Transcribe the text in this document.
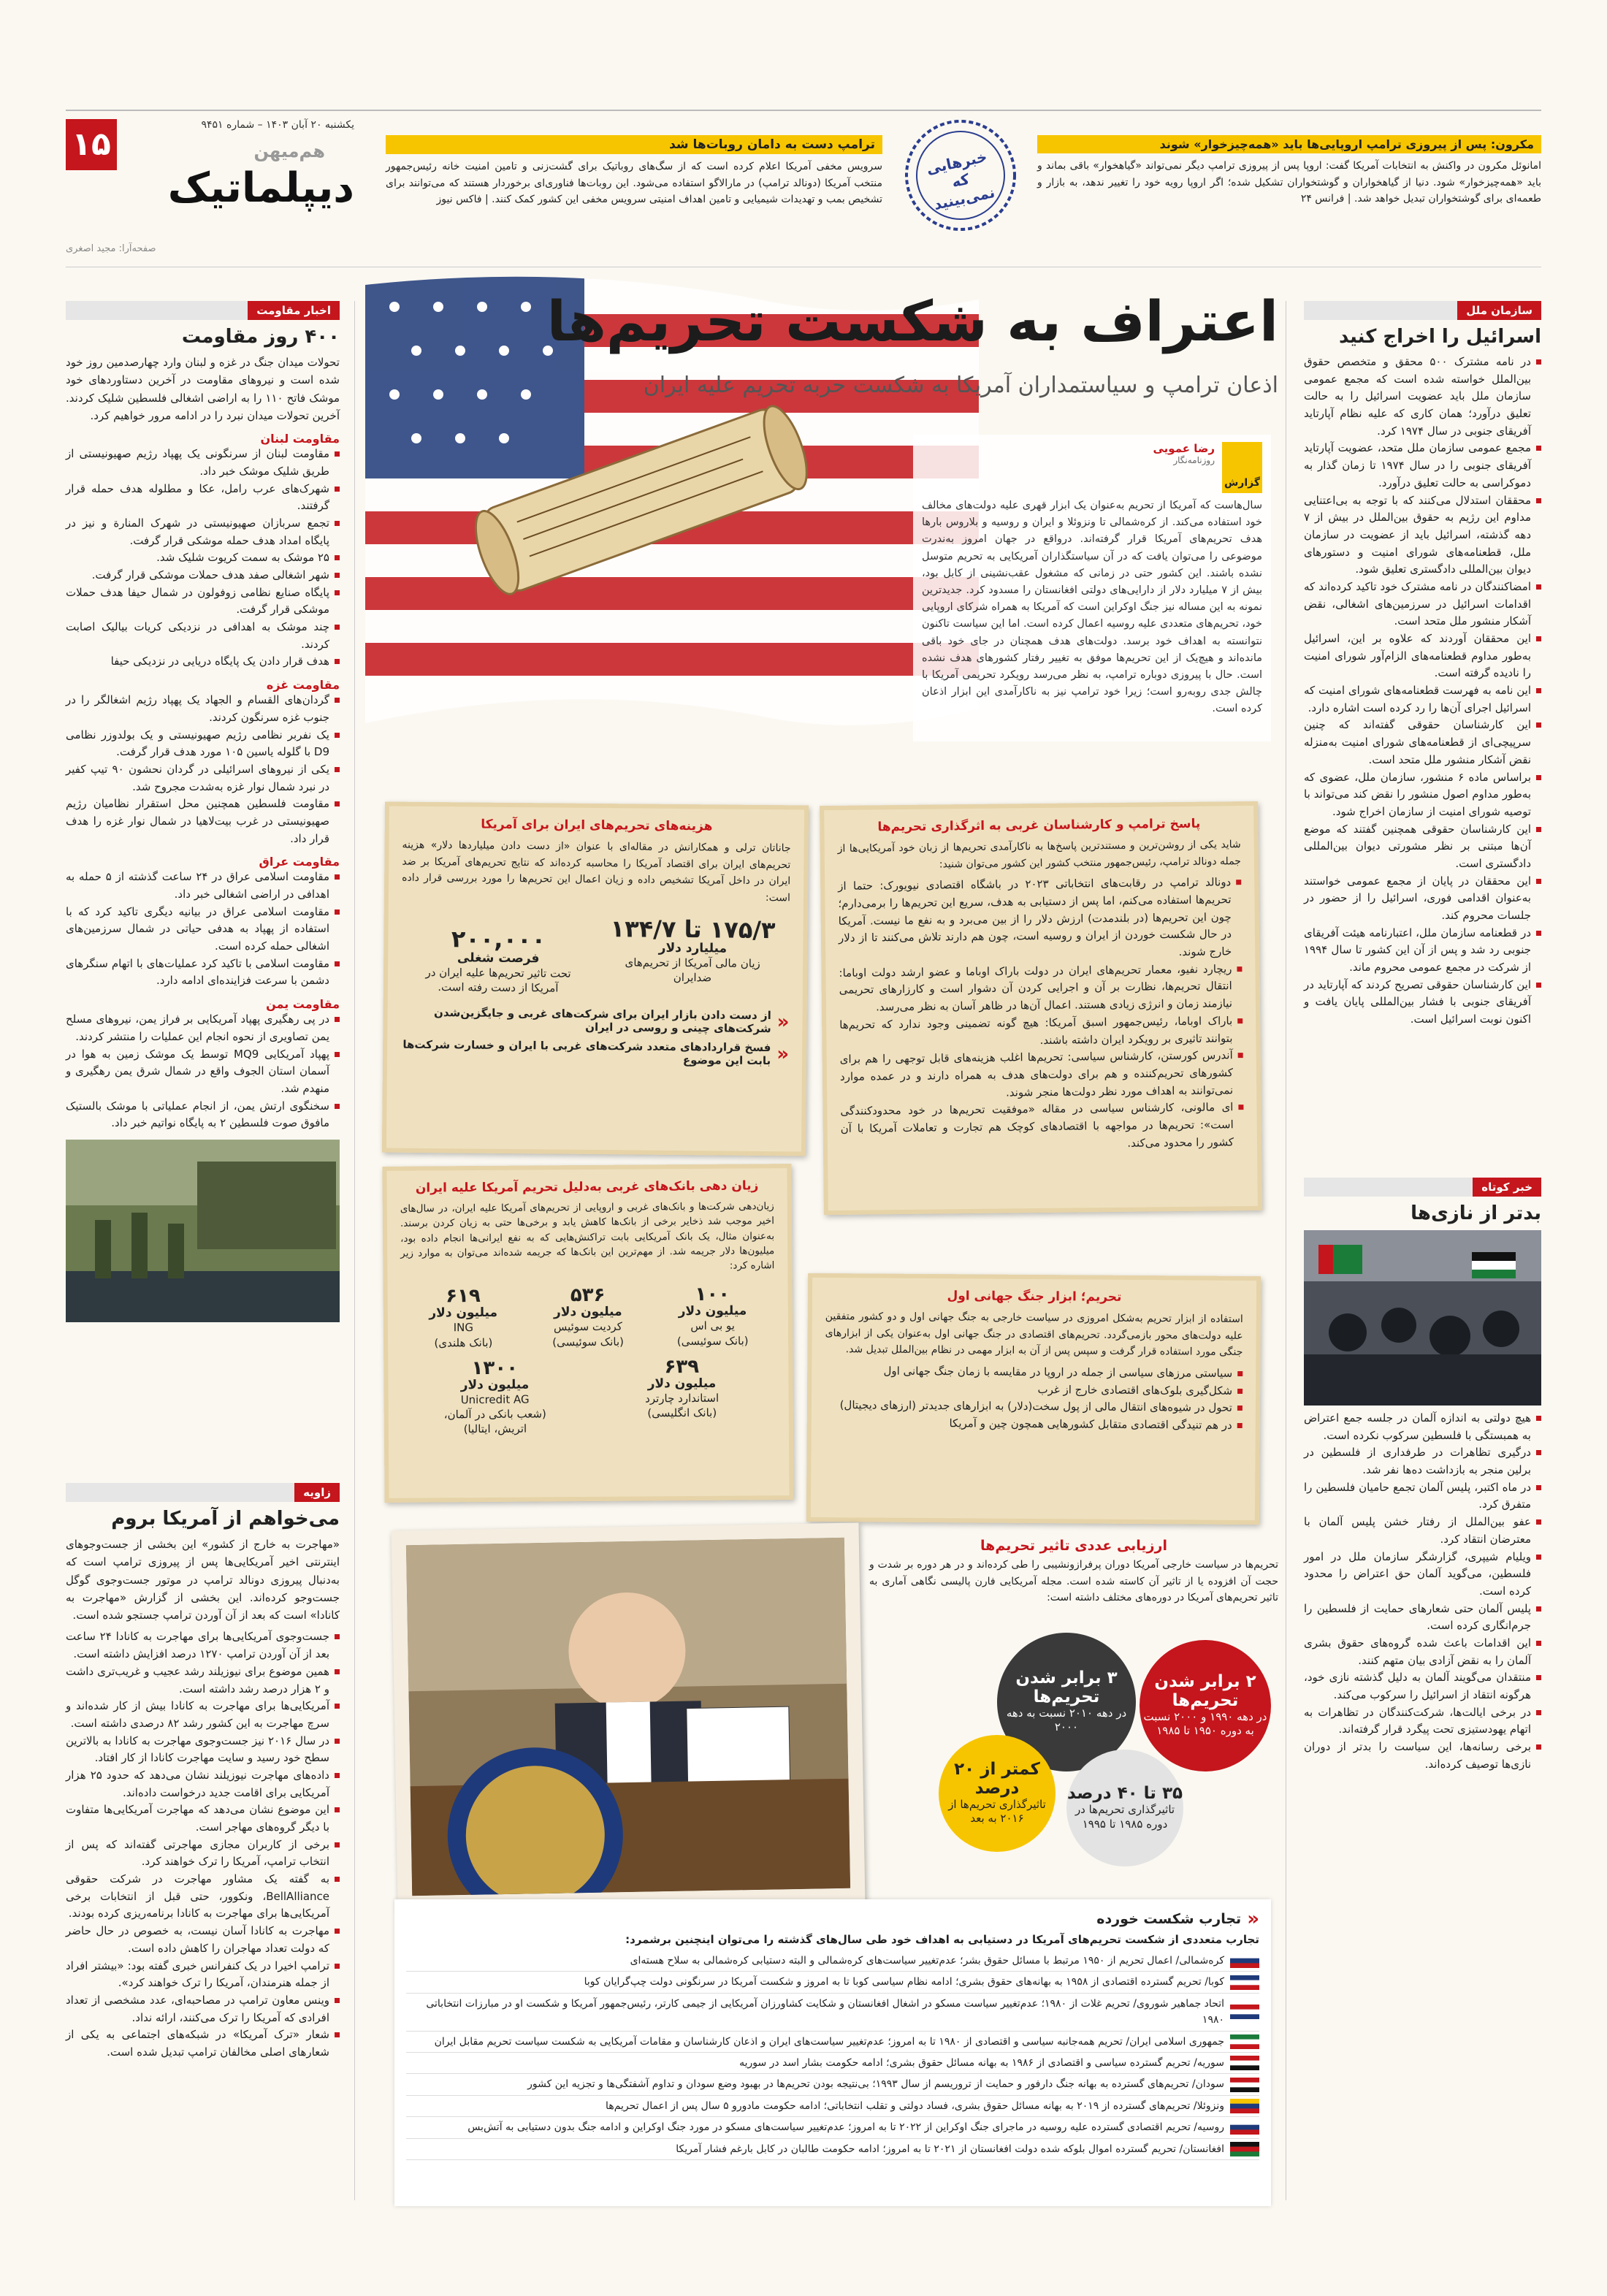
۱۵
یکشنبه ۲۰ آبان ۱۴۰۳ – شماره ۹۴۵۱
هم‌میهن
دیپلماتیک
صفحه‌آرا: مجید اصغری
ترامپ دست به دامان روبات‌ها شد
سرویس مخفی آمریکا اعلام کرده است که از سگ‌های روباتیک برای گشت‌زنی و تامین امنیت خانه رئیس‌جمهور منتخب آمریکا (دونالد ترامپ) در مارالاگو استفاده می‌شود. این روبات‌ها فناوری‌ای برخوردار هستند که می‌توانند برای تشخیص بمب و تهدیدات شیمیایی و تامین اهداف امنیتی سرویس مخفی این کشور کمک کنند. | فاکس نیوز
خبرهایی که نمی‌بینید
مکرون: پس از پیروزی ترامپ اروپایی‌ها باید «همه‌چیزخوار» شوند
امانوئل مکرون در واکنش به انتخابات آمریکا گفت: اروپا پس از پیروزی ترامپ دیگر نمی‌تواند «گیاهخوار» باقی بماند و باید «همه‌چیزخوار» شود. دنیا از گیاهخواران و گوشتخواران تشکیل شده؛ اگر اروپا رویه خود را تغییر ندهد، به بازار و طعمه‌ای برای گوشتخواران تبدیل خواهد شد. | فرانس ۲۴
سازمان ملل
اسرائیل را اخراج کنید
در نامه مشترک ۵۰۰ محقق و متخصص حقوق بین‌الملل خواسته شده است که مجمع عمومی سازمان ملل باید عضویت اسرائیل را به حالت تعلیق درآورد؛ همان کاری که علیه نظام آپارتاید آفریقای جنوبی در سال ۱۹۷۴ کرد.
مجمع عمومی سازمان ملل متحد، عضویت آپارتاید آفریقای جنوبی را در سال ۱۹۷۴ تا زمان گذار به دموکراسی به حالت تعلیق درآورد.
محققان استدلال می‌کنند که با توجه به بی‌اعتنایی مداوم این رژیم به حقوق بین‌الملل در بیش از ۷ دهه گذشته، اسرائیل باید از عضویت در سازمان ملل، قطعنامه‌های شورای امنیت و دستورهای دیوان بین‌المللی دادگستری تعلیق شود.
امضاکنندگان در نامه مشترک خود تاکید کرده‌اند که اقدامات اسرائیل در سرزمین‌های اشغالی، نقض آشکار منشور ملل متحد است.
این محققان آوردند که علاوه بر این، اسرائیل به‌طور مداوم قطعنامه‌های الزام‌آور شورای امنیت را نادیده گرفته است.
این نامه به فهرست قطعنامه‌های شورای امنیت که اسرائیل اجرای آن‌ها را رد کرده است اشاره دارد.
این کارشناسان حقوقی گفته‌اند که چنین سرپیچی‌ای از قطعنامه‌های شورای امنیت به‌منزله نقض آشکار منشور ملل متحد است.
براساس ماده ۶ منشور، سازمان ملل، عضوی که به‌طور مداوم اصول منشور را نقض کند می‌تواند با توصیه شورای امنیت از سازمان اخراج شود.
این کارشناسان حقوقی همچنین گفتند که موضع آن‌ها مبتنی بر نظر مشورتی دیوان بین‌المللی دادگستری است.
این محققان در پایان از مجمع عمومی خواستند به‌عنوان اقدامی فوری، اسرائیل را از حضور در جلسات محروم کند.
در قطعنامه سازمان ملل، اعتبارنامه هیئت آفریقای جنوبی رد شد و پس از آن این کشور تا سال ۱۹۹۴ از شرکت در مجمع عمومی محروم ماند.
این کارشناسان حقوقی تصریح کردند که آپارتاید در آفریقای جنوبی با فشار بین‌المللی پایان یافت و اکنون نوبت اسرائیل است.
خبر کوتاه
بدتر از نازی‌ها
هیچ دولتی به اندازه آلمان در جلسه جمع اعتراض به همبستگی با فلسطین سرکوب نکرده است.
درگیری تظاهرات در طرفداری از فلسطین در برلین منجر به بازداشت ده‌ها نفر شد.
در ماه اکتبر، پلیس آلمان تجمع حامیان فلسطین را متفرق کرد.
عفو بین‌الملل از رفتار خشن پلیس آلمان با معترضان انتقاد کرد.
ویلیام شیپری، گزارشگر سازمان ملل در امور فلسطین، می‌گوید آلمان حق اعتراض را محدود کرده است.
پلیس آلمان حتی شعارهای حمایت از فلسطین را جرم‌انگاری کرده است.
این اقدامات باعث شده گروه‌های حقوق بشری آلمان را به نقض آزادی بیان متهم کنند.
منتقدان می‌گویند آلمان به دلیل گذشته نازی خود، هرگونه انتقاد از اسرائیل را سرکوب می‌کند.
در برخی ایالت‌ها، شرکت‌کنندگان در تظاهرات به اتهام یهودستیزی تحت پیگرد قرار گرفته‌اند.
برخی رسانه‌ها، این سیاست را بدتر از دوران نازی‌ها توصیف کرده‌اند.
اخبار مقاومت
۴۰۰ روز مقاومت
تحولات میدان جنگ در غزه و لبنان وارد چهارصدمین روز خود شده است و نیروهای مقاومت در آخرین دستاوردهای خود موشک فاتح ۱۱۰ را به اراضی اشغالی فلسطین شلیک کردند. آخرین تحولات میدان نبرد را در ادامه مرور خواهیم کرد.
مقاومت لبنان
مقاومت لبنان از سرنگونی یک پهپاد رژیم صهیونیستی از طریق شلیک موشک خبر داد.
شهرک‌های عرب رامل، عکا و مطلوله هدف حمله قرار گرفتند.
تجمع سربازان صهیونیستی در شهرک المنارة و نیز در پایگاه امداد هدف حمله موشکی قرار گرفت.
۲۵ موشک به سمت کریوت شلیک شد.
شهر اشغالی صفد هدف حملات موشکی قرار گرفت.
پایگاه صنایع نظامی زوفولون در شمال حیفا هدف حملات موشکی قرار گرفت.
چند موشک به اهدافی در نزدیکی کریات بیالیک اصابت کردند.
هدف قرار دادن یک پایگاه دریایی در نزدیکی حیفا
مقاومت غزه
گردان‌های القسام و الجهاد یک پهپاد رژیم اشغالگر را در جنوب غزه سرنگون کردند.
یک نفربر نظامی رژیم صهیونیستی و یک بولدوزر نظامی D9 با گلوله یاسین ۱۰۵ مورد هدف قرار گرفت.
یکی از نیروهای اسرائیلی در گردان نحشون ۹۰ تیپ کفیر در نبرد شمال نوار غزه به‌شدت مجروح شد.
مقاومت فلسطین همچنین محل استقرار نظامیان رژیم صهیونیستی در غرب بیت‌لاهیا در شمال نوار غزه را هدف قرار داد.
مقاومت عراق
مقاومت اسلامی عراق در ۲۴ ساعت گذشته از ۵ حمله به اهدافی در اراضی اشغالی خبر داد.
مقاومت اسلامی عراق در بیانیه دیگری تاکید کرد که با استفاده از پهپاد به هدفی حیاتی در شمال سرزمین‌های اشغالی حمله کرده است.
مقاومت اسلامی با تاکید کرد عملیات‌های با اتهام سنگرهای دشمن با سرعت فزاینده‌ای ادامه دارد.
مقاومت یمن
در پی رهگیری پهپاد آمریکایی بر فراز یمن، نیروهای مسلح یمن تصاویری از نحوه انجام این عملیات را منتشر کردند.
پهپاد آمریکایی MQ9 توسط یک موشک زمین به هوا در آسمان استان الجوف واقع در شمال شرق یمن رهگیری و منهدم شد.
سخنگوی ارتش یمن، از انجام عملیاتی با موشک بالستیک مافوق صوت فلسطین ۲ به پایگاه نواتیم خبر داد.
زاویه
می‌خواهم از آمریکا بروم
«مهاجرت به خارج از کشور» این بخشی از جست‌وجوهای اینترنتی اخیر آمریکایی‌ها پس از پیروزی ترامپ است که به‌دنبال پیروزی دونالد ترامپ در موتور جست‌وجوی گوگل جست‌وجو کرده‌اند. این بخشی از گزارش «مهاجرت به کانادا» است که بعد از آن آوردن ترامپ جستجو شده است.
جست‌وجوی آمریکایی‌ها برای مهاجرت به کانادا ۲۴ ساعت بعد از آن آوردن ترامپ ۱۲۷۰ درصد افزایش داشته است.
همین موضوع برای نیوزیلند رشد عجیب و غریب‌تری داشت و ۲ هزار درصد رشد داشته است.
آمریکایی‌ها برای مهاجرت به کانادا بیش از کار شده‌اند و سرچ مهاجرت به این کشور رشد ۸۲ درصدی داشته است.
در سال ۲۰۱۶ نیز جست‌وجوی مهاجرت به کانادا به بالاترین سطح خود رسید و سایت مهاجرت کانادا از کار افتاد.
داده‌های مهاجرت نیوزیلند نشان می‌دهد که حدود ۲۵ هزار آمریکایی برای اقامت جدید درخواست داده‌اند.
این موضوع نشان می‌دهد که مهاجرت آمریکایی‌ها متفاوت با دیگر گروه‌های مهاجر است.
برخی از کاربران مجازی مهاجرتی گفته‌اند که پس از انتخاب ترامپ، آمریکا را ترک خواهند کرد.
به گفته یک مشاور مهاجرت در شرکت حقوقی BellAlliance، ونکوور، حتی قبل از انتخابات برخی آمریکایی‌ها برای مهاجرت به کانادا برنامه‌ریزی کرده بودند.
مهاجرت به کانادا آسان نیست، به خصوص در حال حاضر که دولت تعداد مهاجران را کاهش داده است.
ترامپ اخیرا در یک کنفرانس خبری گفته بود: «بیشتر افراد از جمله هنرمندان، آمریکا را ترک خواهند کرد».
وینس معاون ترامپ در مصاحبه‌ای، عدد مشخصی از تعداد افرادی که آمریکا را ترک می‌کنند، ارائه نداد.
شعار «ترک آمریکا» در شبکه‌های اجتماعی به یکی از شعارهای اصلی مخالفان ترامپ تبدیل شده است.
اعتراف به شکست تحریم‌ها
اذعان ترامپ و سیاستمداران آمریکا به شکست حربه تحریم علیه ایران
گزارش
رضا عمویی
روزنامه‌نگار
سال‌هاست که آمریکا از تحریم به‌عنوان یک ابزار قهری علیه دولت‌های مخالف خود استفاده می‌کند. از کره‌شمالی تا ونزوئلا و ایران و روسیه و بلاروس بارها هدف تحریم‌های آمریکا قرار گرفته‌اند. درواقع در جهان امروز به‌ندرت موضوعی را می‌توان یافت که در آن سیاستگذاران آمریکایی به تحریم متوسل نشده باشند. این کشور حتی در زمانی که مشغول عقب‌نشینی از کابل بود، بیش از ۷ میلیارد دلار از دارایی‌های دولتی افغانستان را مسدود کرد. جدیدترین نمونه به این مساله نیز جنگ اوکراین است که آمریکا به همراه شرکای اروپایی خود، تحریم‌های متعددی علیه روسیه اعمال کرده است. اما این سیاست تاکنون نتوانسته به اهداف خود برسد. دولت‌های هدف همچنان در جای خود باقی مانده‌اند و هیچ‌یک از این تحریم‌ها موفق به تغییر رفتار کشورهای هدف نشده است. حال با پیروزی دوباره ترامپ، به نظر می‌رسد رویکرد تحریمی آمریکا با چالش جدی روبه‌رو است؛ زیرا خود ترامپ نیز به ناکارآمدی این ابزار اذعان کرده است.
پاسخ ترامپ و کارشناسان غربی به اثرگذاری تحریم‌ها
شاید یکی از روشن‌ترین و مستندترین پاسخ‌ها به ناکارآمدی تحریم‌ها از زبان خود آمریکایی‌ها از جمله دونالد ترامپ، رئیس‌جمهور منتخب کشور این کشور می‌توان شنید:
دونالد ترامپ در رقابت‌های انتخاباتی ۲۰۲۳ در باشگاه اقتصادی نیویورک: حتما از تحریم‌ها استفاده می‌کنم، اما پس از دستیابی به هدف، سریع این تحریم‌ها را برمی‌دارم؛ چون این تحریم‌ها (در بلندمدت) ارزش دلار را از بین می‌برد و به نفع ما نیست. آمریکا در حال شکست خوردن از ایران و روسیه است، چون هم دارند تلاش می‌کنند تا از دلار خارج شوند.
ریچارد نفیو، معمار تحریم‌های ایران در دولت باراک اوباما و عضو ارشد دولت اوباما: انتقال تحریم‌ها، نظارت بر آن و اجرایی کردن آن دشوار است و کارزارهای تحریمی نیازمند زمان و انرژی زیادی هستند. اعمال آن‌ها در ظاهر آسان به نظر می‌رسد.
باراک اوباما، رئیس‌جمهور اسبق آمریکا: هیچ گونه تضمینی وجود ندارد که تحریم‌ها بتوانند تاثیری بر رویکرد ایران داشته باشند.
آندرس کورستن، کارشناس سیاسی: تحریم‌ها اغلب هزینه‌های قابل توجهی را هم برای کشورهای تحریم‌کننده و هم برای دولت‌های هدف به همراه دارند و در عمده موارد نمی‌توانند به اهداف مورد نظر دولت‌ها منجر شوند.
ای مالونی، کارشناس سیاسی در مقاله «موفقیت تحریم‌ها در خود محدودکنندگی است»: تحریم‌ها در مواجهه با اقتصادهای کوچک هم تجارت و تعاملات آمریکا با آن کشور را محدود می‌کند.
هزینه‌های تحریم‌های ایران برای آمریکا
جاناتان ترلی و همکارانش در مقاله‌ای با عنوان «از دست دادن میلیاردها دلار» هزینه تحریم‌های ایران برای اقتصاد آمریکا را محاسبه کرده‌اند که نتایج تحریم‌های آمریکا بر ضد ایران در داخل آمریکا تشخیص داده و زیان اعمال این تحریم‌ها را مورد بررسی قرار داده است:
۱۷۵/۳ تا ۱۳۴/۷
میلیارد دلار
زیان مالی آمریکا از تحریم‌های ضدایران
۲۰۰,۰۰۰
فرصت شغلی
تحت تاثیر تحریم‌ها علیه ایران در آمریکا از دست رفته است.
«
از دست دادن بازار ایران برای شرکت‌های غربی و جایگزین‌شدن شرکت‌های چینی و روسی در ایران
«
فسخ قراردادهای متعدد شرکت‌های غربی با ایران و خسارت شرکت‌ها بابت این موضوع
زیان دهی بانک‌های غربی به‌دلیل تحریم آمریکا علیه ایران
زیان‌دهی شرکت‌ها و بانک‌های غربی و اروپایی از تحریم‌های آمریکا علیه ایران، در سال‌های اخیر موجب شد ذخایر برخی از بانک‌ها کاهش یابد و برخی‌ها حتی به زیان کردن برسند. به‌عنوان مثال، یک بانک آمریکایی بابت تراکنش‌هایی که به نفع ایرانی‌ها انجام داده بود، میلیون‌ها دلار جریمه شد. از مهم‌ترین این بانک‌ها که جریمه شده‌اند می‌توان به موارد زیر اشاره کرد:
۱۰۰
میلیون دلار
یو بی اس
(بانک سوئیسی)
۵۳۶
میلیون دلار
کردیت سوئیس
(بانک سوئیسی)
۶۱۹
میلیون دلار
ING
(بانک هلندی)
۶۳۹
میلیون دلار
استاندارد چارترد
(بانک انگلیسی)
۱۳۰۰
میلیون دلار
Unicredit AG
(شعب بانکی در آلمان، اتریش، ایتالیا)
تحریم؛ ابزار جنگ جهانی اول
استفاده از ابزار تحریم به‌شکل امروزی در سیاست خارجی به جنگ جهانی اول و دو کشور متفقین علیه دولت‌های محور بازمی‌گردد. تحریم‌های اقتصادی در جنگ جهانی اول به‌عنوان یکی از ابزارهای جنگی مورد استفاده قرار گرفت و سپس پس از آن به ابزار مهمی در نظام بین‌الملل تبدیل شد.
سیاستی مرزهای سیاسی از جمله در اروپا در مقایسه با زمان جنگ جهانی اول
شکل‌گیری بلوک‌های اقتصادی خارج از غرب
تحول در شیوه‌های انتقال مالی از پول سخت(دلار) به ابزارهای جدیدتر (ارزهای دیجیتال)
در هم تنیدگی اقتصادی متقابل کشورهایی همچون چین و آمریکا
ارزیابی عددی تاثیر تحریم‌ها
تحریم‌ها در سیاست خارجی آمریکا دوران پرفرازونشیبی را طی کرده‌اند و در هر دوره بر شدت و حجت آن افزوده یا از تاثیر آن کاسته شده است. مجله آمریکایی فارن پالیسی نگاهی آماری به تاثیر تحریم‌های آمریکا در دوره‌های مختلف داشته است:
۲ برابر شدن تحریم‌ها
در دهه ۱۹۹۰ و ۲۰۰۰ نسبت به دوره ۱۹۵۰ تا ۱۹۸۵
۳ برابر شدن تحریم‌ها
در دهه ۲۰۱۰ نسبت به دهه ۲۰۰۰
۳۵ تا ۴۰ درصد
تاثیرگذاری تحریم‌ها در دوره ۱۹۸۵ تا ۱۹۹۵
کمتر از ۲۰ درصد
تاثیرگذاری تحریم‌ها از ۲۰۱۶ به بعد
«
تجارب شکست خورده
تجارب متعددی از شکست تحریم‌های آمریکا در دستیابی به اهداف خود طی سال‌های گذشته را می‌توان اینچنین برشمرد:
کره‌شمالی/ اعمال تحریم از ۱۹۵۰ مرتبط با مسائل حقوق بشر؛ عدم‌تغییر سیاست‌های کره‌شمالی و البته دستیابی کره‌شمالی به سلاح هسته‌ای
کوبا/ تحریم گسترده اقتصادی از ۱۹۵۸ به بهانه‌های حقوق بشری؛ ادامه نظام سیاسی کوبا تا به امروز و شکست آمریکا در سرنگونی دولت چپ‌گرایان کوبا
اتحاد جماهیر شوروی/ تحریم غلات از ۱۹۸۰؛ عدم‌تغییر سیاست مسکو در اشغال افغانستان و شکایت کشاورزان آمریکایی از جیمی کارتر، رئیس‌جمهور آمریکا و شکست او در مبارزات انتخاباتی ۱۹۸۰
جمهوری اسلامی ایران/ تحریم همه‌جانبه سیاسی و اقتصادی از ۱۹۸۰ تا به امروز؛ عدم‌تغییر سیاست‌های ایران و اذعان کارشناسان و مقامات آمریکایی به شکست سیاست تحریم مقابل ایران
سوریه/ تحریم گسترده سیاسی و اقتصادی از ۱۹۸۶ به بهانه مسائل حقوق بشری؛ ادامه حکومت بشار اسد در سوریه
سودان/ تحریم‌های گسترده به بهانه جنگ دارفور و حمایت از تروریسم از سال ۱۹۹۳؛ بی‌نتیجه بودن تحریم‌ها در بهبود وضع سودان و تداوم آشفتگی‌ها و تجزیه این کشور
ونزوئلا/ تحریم‌های گسترده از ۲۰۱۹ به بهانه مسائل حقوق بشری، فساد دولتی و تقلب انتخاباتی؛ ادامه حکومت مادورو ۵ سال پس از اعمال تحریم‌ها
روسیه/ تحریم اقتصادی گسترده علیه روسیه در ماجرای جنگ اوکراین از ۲۰۲۲ تا به امروز؛ عدم‌تغییر سیاست‌های مسکو در مورد جنگ اوکراین و ادامه جنگ بدون دستیابی به آتش‌بس
افغانستان/ تحریم گسترده اموال بلوکه شده دولت افغانستان از ۲۰۲۱ تا به امروز؛ ادامه حکومت طالبان در کابل با‌رغم فشار آمریکا
